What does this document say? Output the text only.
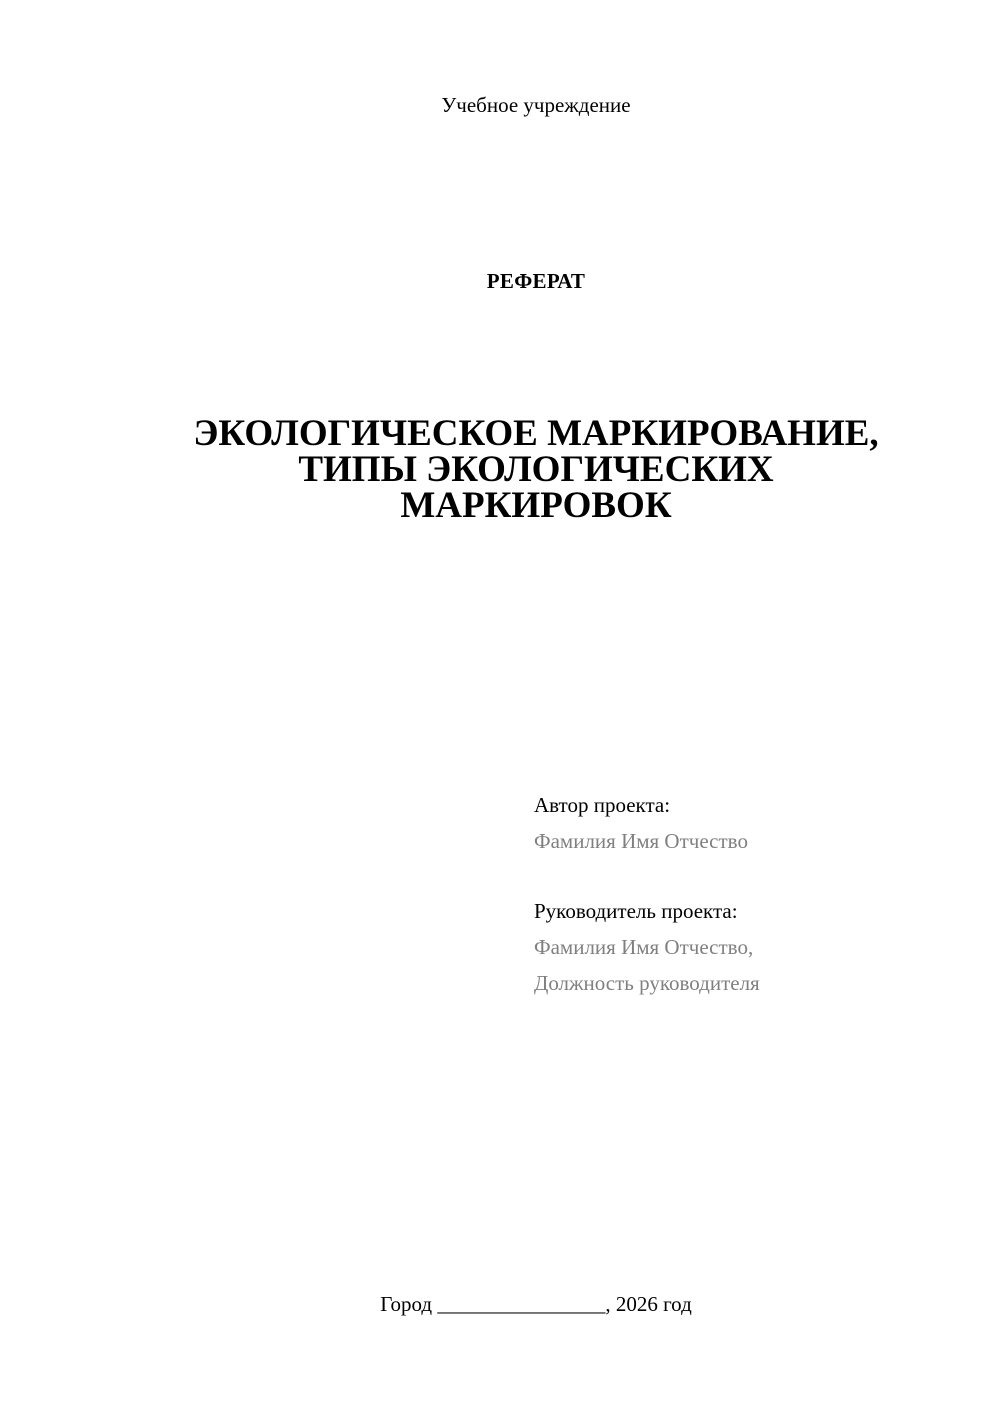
Учебное учреждение
РЕФЕРАТ
ЭКОЛОГИЧЕСКОЕ МАРКИРОВАНИЕ,
ТИПЫ ЭКОЛОГИЧЕСКИХ
МАРКИРОВОК
Автор проекта:
Фамилия Имя Отчество
Руководитель проекта:
Фамилия Имя Отчество,
Должность руководителя
Город ________________, 2026 год
